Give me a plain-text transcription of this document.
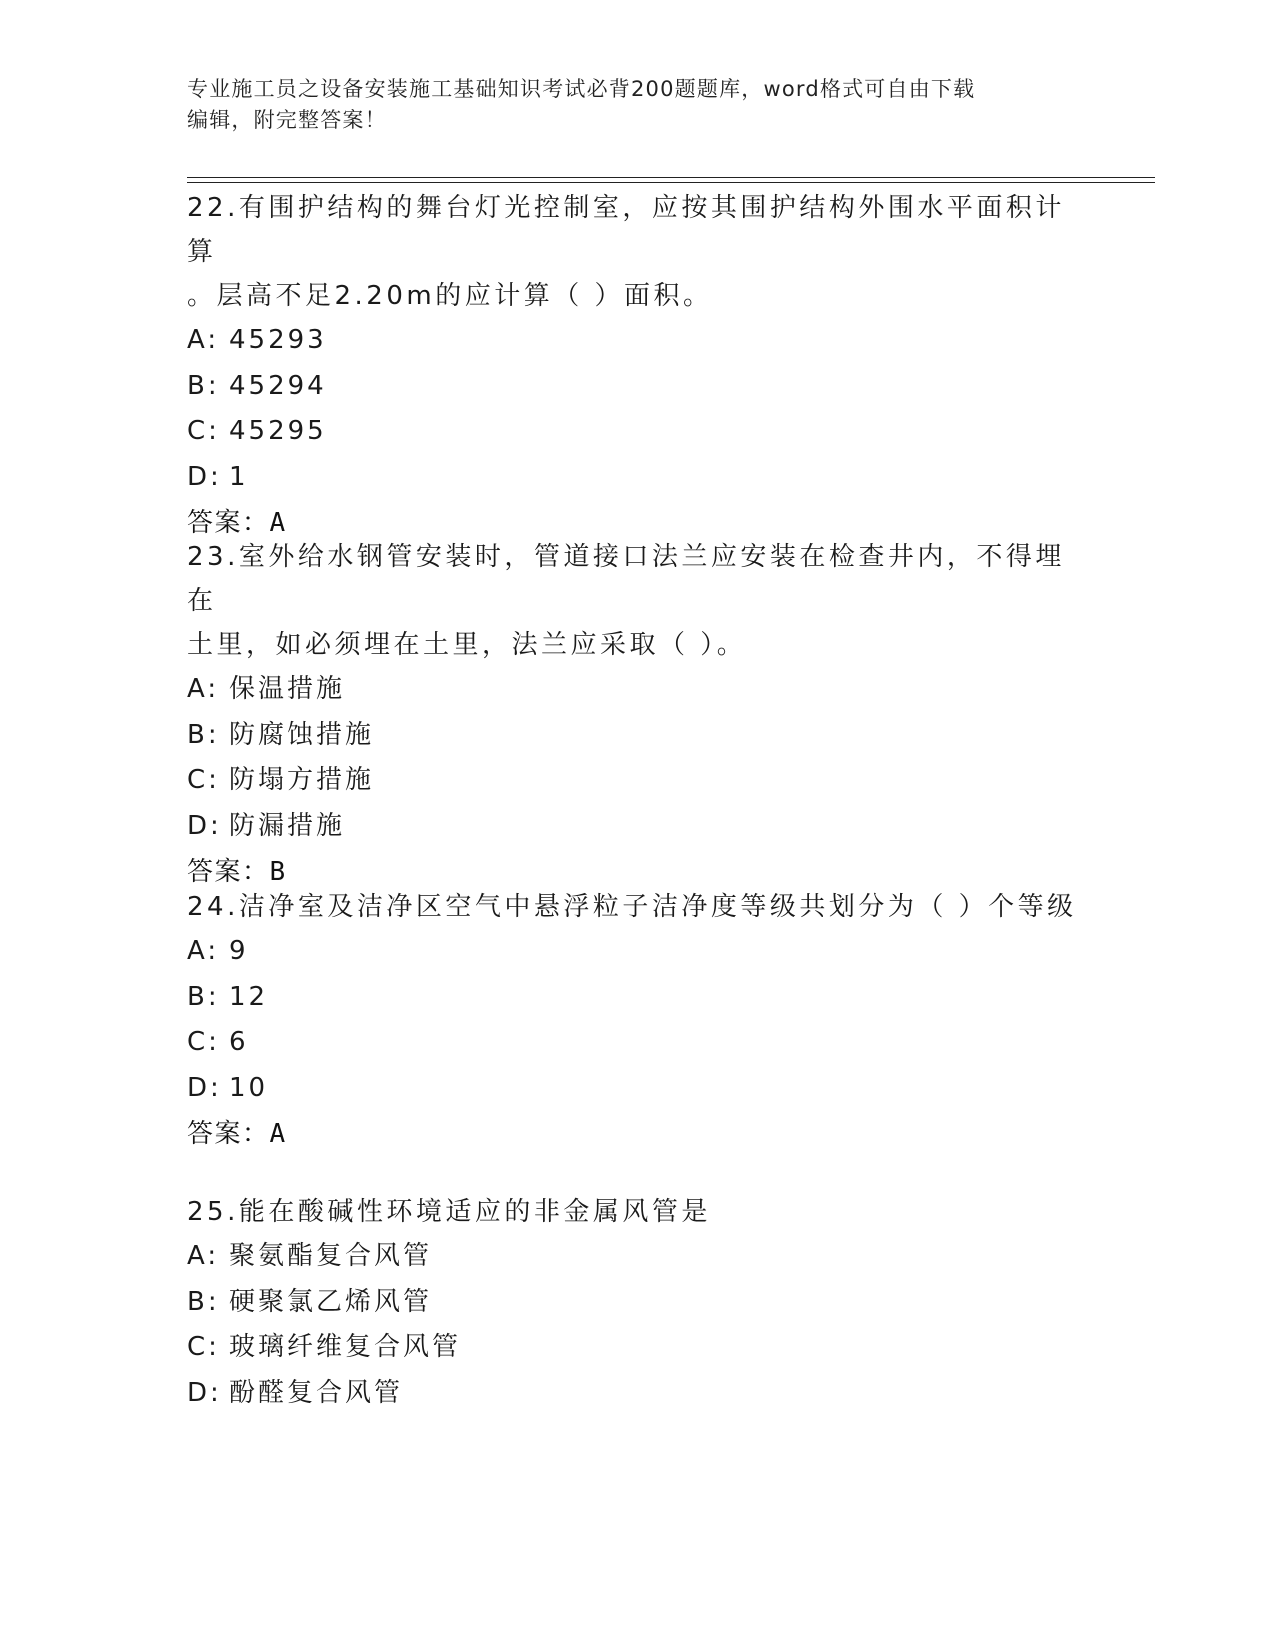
专业施工员之设备安装施工基础知识考试必背200题题库，word格式可自由下载
编辑，附完整答案！
22.有围护结构的舞台灯光控制室，应按其围护结构外围水平面积计算
。层高不足2.20m的应计算（ ）面积。
A: 45293
B: 45294
C: 45295
D: 1
答案：A
23.室外给水钢管安装时，管道接口法兰应安装在检查井内，不得埋在
土里，如必须埋在土里，法兰应采取（ ）。
A: 保温措施
B: 防腐蚀措施
C: 防塌方措施
D: 防漏措施
答案：B
24.洁净室及洁净区空气中悬浮粒子洁净度等级共划分为（ ）个等级
A: 9
B: 12
C: 6
D: 10
答案：A
25.能在酸碱性环境适应的非金属风管是
A: 聚氨酯复合风管
B: 硬聚氯乙烯风管
C: 玻璃纤维复合风管
D: 酚醛复合风管
